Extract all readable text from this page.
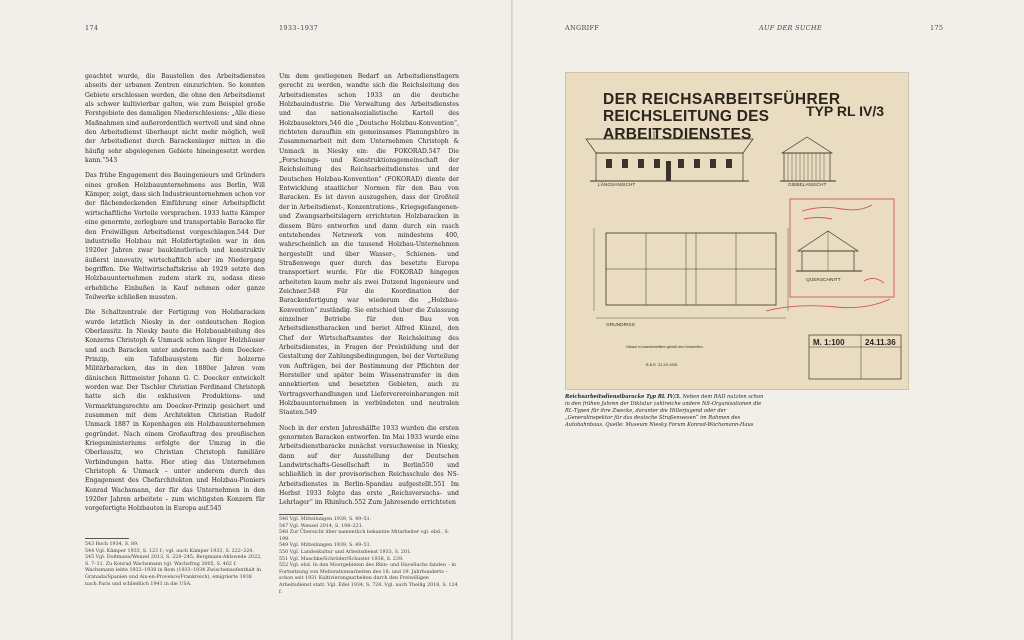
174	1933–1937

geachtet wurde, die Baustellen des Arbeitsdienstes abseits der urbanen Zentren einzurichten. So konnten Gebiete erschlossen werden, die ohne den Arbeitsdienst als schwer kultivierbar galten, wie zum Beispiel große Forstgebiete des damaligen Niederschlesiens: „Alle diese Maßnahmen sind außerordentlich wertvoll und sind ohne den Arbeitsdienst überhaupt nicht mehr möglich, weil der Arbeitsdienst durch Barackenlager mitten in die häufig sehr abgelegenen Gebiete hineingesetzt werden kann.“543

Das frühe Engagement des Bauingenieurs und Gründers eines großen Holzbauunternehmens aus Berlin, Will Kämper, zeigt, dass sich Industrieunternehmen schon vor der flächendeckenden Einführung einer Arbeitspflicht wirtschaftliche Vorteile versprachen. 1933 hatte Kämper eine genormte, zerlegbare und transportable Baracke für den Freiwilligen Arbeitsdienst vorgeschlagen.544 Der industrielle Holzbau mit Holzfertigteilen war in den 1920er Jahren zwar baukünstlerisch und konstruktiv äußerst innovativ, wirtschaftlich aber im Niedergang begriffen. Die Weltwirtschaftskrise ab 1929 setzte den Holzbauunternehmen zudem stark zu, sodass diese erhebliche Einbußen in Kauf nehmen oder ganze Teilwerke schließen mussten.

Die Schaltzentrale der Fertigung von Holzbaracken wurde letztlich Niesky in der ostdeutschen Region Oberlausitz. In Niesky baute die Holzbauabteilung des Konzerns Christoph & Unmack schon länger Holzhäuser und auch Baracken unter anderem nach dem Doecker-Prinzip, ein Tafelbausystem für holzerne Militärbaracken, das in den 1880er Jahren vom dänischen Rittmeister Johann G. C. Doecker entwickelt worden war. Der Tischler Christian Ferdinand Christoph hatte sich die exklusiven Produktions- und Vermarktungsrechte am Doecker-Prinzip gesichert und zusammen mit dem Architekten Christian Rudolf Unmack 1887 in Kopenhagen ein Holzbauunternehmen gegründet. Nach einem Großauftrag des preußischen Kriegsministeriums erfolgte der Umzug in die Oberlausitz, wo Christian Christoph familiäre Verbindungen hatte. Hier stieg das Unternehmen Christoph & Unmack – unter anderem durch das Engagement des Chefarchitekten und Holzbau-Pioniers Konrad Wachsmann, der für das Unternehmen in den 1920er Jahren arbeitete – zum wichtigsten Konzern für vorgefertigte Holzbauten in Europa auf.545

Um dem gestiegenen Bedarf an Arbeitsdienstlagern gerecht zu werden, wandte sich die Reichsleitung des Arbeitsdienstes schon 1933 an die deutsche Holzbauindustrie. Die Verwaltung des Arbeitsdienstes und das nationalsozialistische Kartell des Holzbausektors,546 die „Deutsche Holzbau-Konvention“, richteten daraufhin ein gemeinsames Planungsbüro in Zusammenarbeit mit dem Unternehmen Christoph & Unmack in Niesky ein: die FOKORAD.547 Die „Forschungs- und Konstruktionsgemeinschaft der Reichsleitung des Reichsarbeitsdienstes und der Deutschen Holzbau-Konvention“ (FOKORAD) diente der Entwicklung staatlicher Normen für den Bau von Baracken. Es ist davon auszugehen, dass der Großteil der in Arbeitsdienst-, Konzentrations-, Kriegsgefangenen- und Zwangsarbeitslagern errichteten Holzbaracken in diesem Büro entworfen und dann durch ein rasch entstehendes Netzwerk von mindestens 400, wahrscheinlich an die tausend Holzbau-Unternehmen hergestellt und über Wasser-, Schienen- und Straßenwege quer durch das besetzte Europa transportiert wurde. Für die FOKORAD hingegen arbeiteten kaum mehr als zwei Dutzend Ingenieure und Zeichner.548 Für die Koordination der Barackenfertigung war wiederum die „Holzbau-Konvention“ zuständig. Sie entschied über die Zulassung einzelner Betriebe für den Bau von Arbeitsdienstbaracken und beriet Alfred Künzel, den Chef der Wirtschaftsamtes der Reichsleitung des Arbeitsdienstes, in Fragen der Preisbildung und der Gestaltung der Zahlungsbedingungen, bei der Verteilung von Aufträgen, bei der Bestimmung der Pflichten der Hersteller und später beim Wissenstransfer in den annektierten und besetzten Gebieten, auch zu Vertragsverhandlungen und Lieferverereinbarungen mit Holzbauunternehmen in verbündeten und neutralen Staaten.549

Noch in der ersten Jahreshälfte 1933 wurden die ersten genormten Baracken entworfen. Im Mai 1933 wurde eine Arbeitsdienstbaracke zunächst versuchsweise in Niesky, dann auf der Ausstellung der Deutschen Landwirtschafts-Gesellschaft in Berlin550 und schließlich in der provisorischen Reichsschule des NS-Arbeitsdienstes in Berlin-Spandau aufgestellt.551 Im Herbst 1933 folgte das erste „Reichsversuchs- und Lehrlager“ im Rhinluch.552 Zum Jahresende errichteten

543 Roch 1934, S. 89.
544 Vgl. Kämper 1933, S. 123 f.; vgl. auch Kämper 1933, S. 222–224.
545 Vgl. Doßmann/Wenzel 2013, S. 220–245; Bergmann-Ahlswede 2022, S. 7–11. Zu Konrad Wachsmann vgl. Wachsfrug 2005, S. 462 f. Wachsmann lebte 1932–1938 in Rom (1933–1934 Zwischenaufenthalt in Granada/Spanien und Aix-en-Provence/Frankreich), emigrierte 1938 nach Paris und schließlich 1941 in die USA.
546 Vgl. Mitteilungen 1939, S. 49–51.
547 Vgl. Wenzel 2014, S. 198–221.
548 Zur Übersicht über namentlich bekannte Mitarbeiter vgl. ebd., S. 199.
549 Vgl. Mitteilungen 1939, S. 49–51.
550 Vgl. Landeskultur und Arbeitsdienst 1933, S. 201.
551 Vgl. Maschke/Schröder/Schuster 1936, S. 239.
552 Vgl. ebd. In den Moorgebieten des Rhin- und Havelluchs fanden – in Fortsetzung von Meliorationsarbeiten des 18. und 19. Jahrhunderts – schon seit 1931 Kultivierungsarbeiten durch den Freiwilligen Arbeitsdienst statt. Vgl. Edel 1934, S. 724. Vgl. auch Theilig 2018, S. 124 f.
ANGRIFF	AUF DER SUCHE	175
DER REICHSARBEITSFÜHRER
REICHSLEITUNG DES ARBEITSDIENSTES
TYP RL IV/3
LÄNGSANSICHT	GIEBELANSICHT
QUERSCHNITT
GRUNDRISS
Gebaut in Ausnahmefällen gemäß den Vorschriften
B.B.R. 31.XII.1936
M. 1:100	24.11.36
Reichsarbeitsdienstbaracke Typ RL IV/3. Neben dem RAD nutzten schon in den frühen Jahren der Diktatur zahlreiche andere NS-Organisationen die RL-Typen für ihre Zwecke, darunter die Hitlerjugend oder der „Generalinspektor für das deutsche Straßenwesen“ im Rahmen des Autobahnbaus. Quelle: Museum Niesky Forum Konrad-Wachsmann-Haus
